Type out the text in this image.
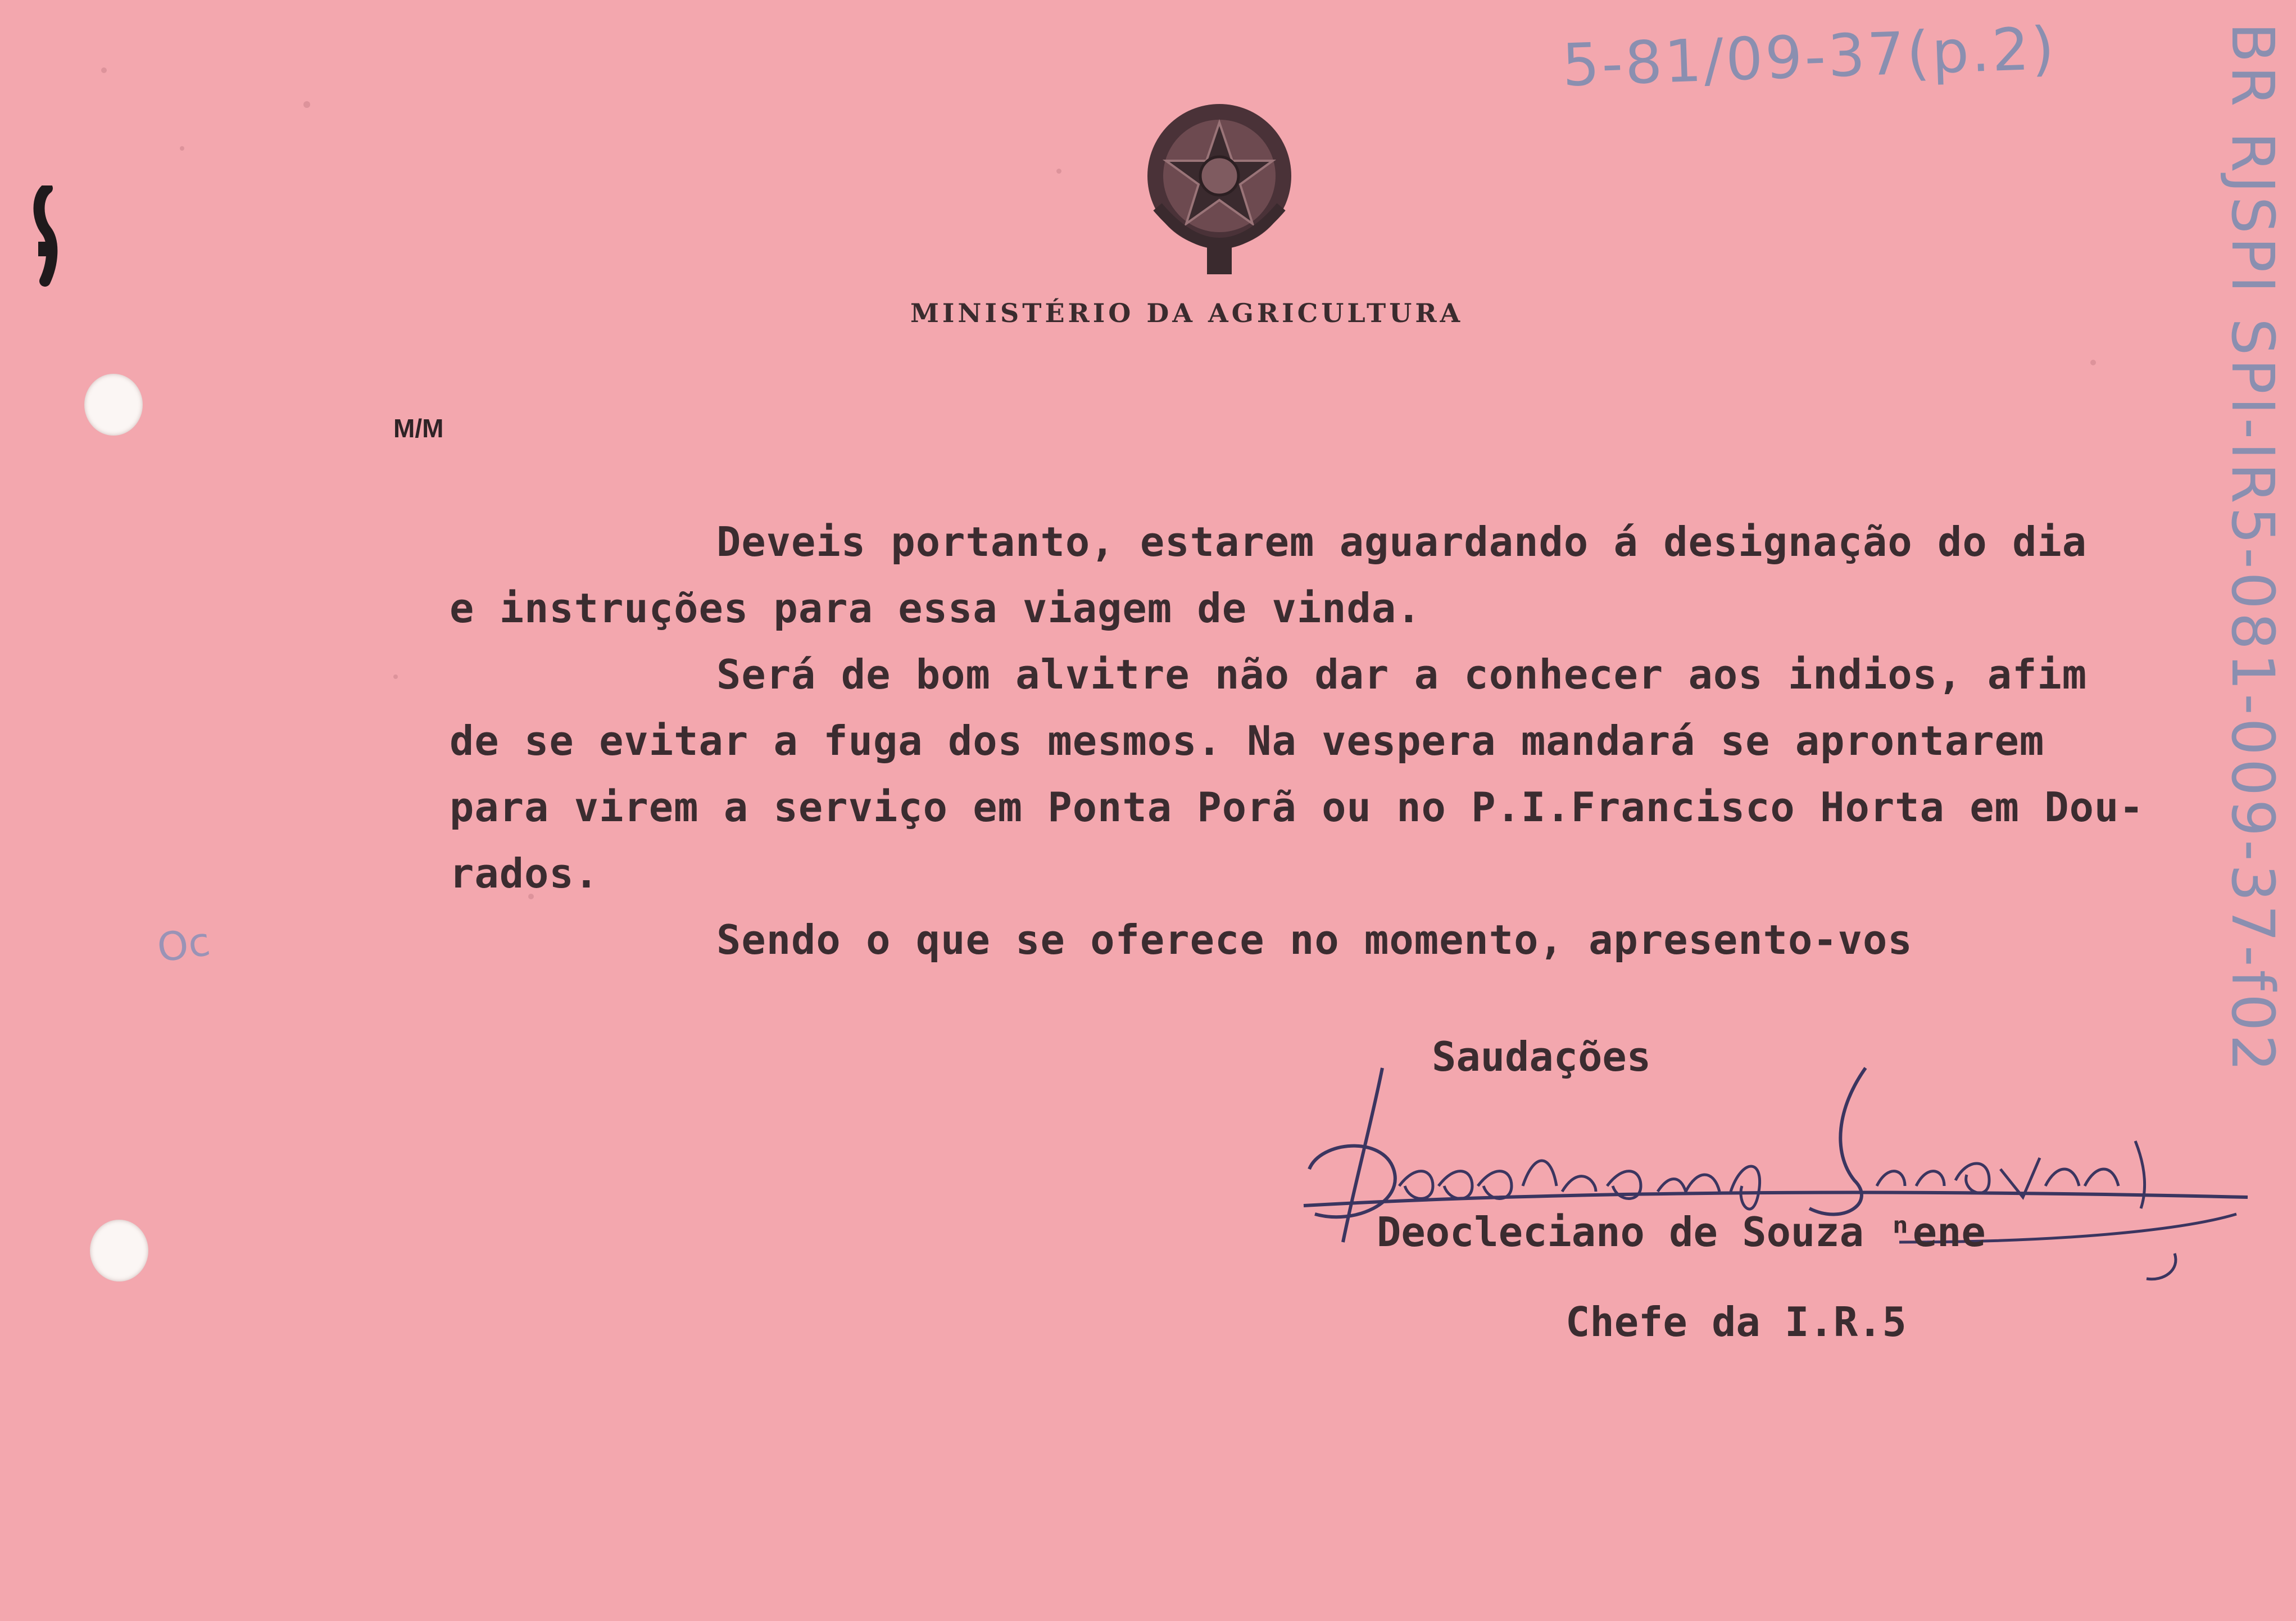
MINISTÉRIO DA AGRICULTURA
M/M

Deveis portanto, estarem aguardando á designação do dia

e instruções para essa viagem de vinda.

Será de bom alvitre não dar a conhecer aos indios, afim

de se evitar a fuga dos mesmos. Na vespera mandará se aprontarem

para virem a serviço em Ponta Porã ou no P.I.Francisco Horta em Dou-

rados.

Sendo o que se oferece no momento, apresento-vos

Saudações
Deocleciano de Souza ⁿene
Chefe da I.R.5
5-81/09-37(p.2)	BR RJSPI SPI-IR5-081-009-37-f02
Oc
